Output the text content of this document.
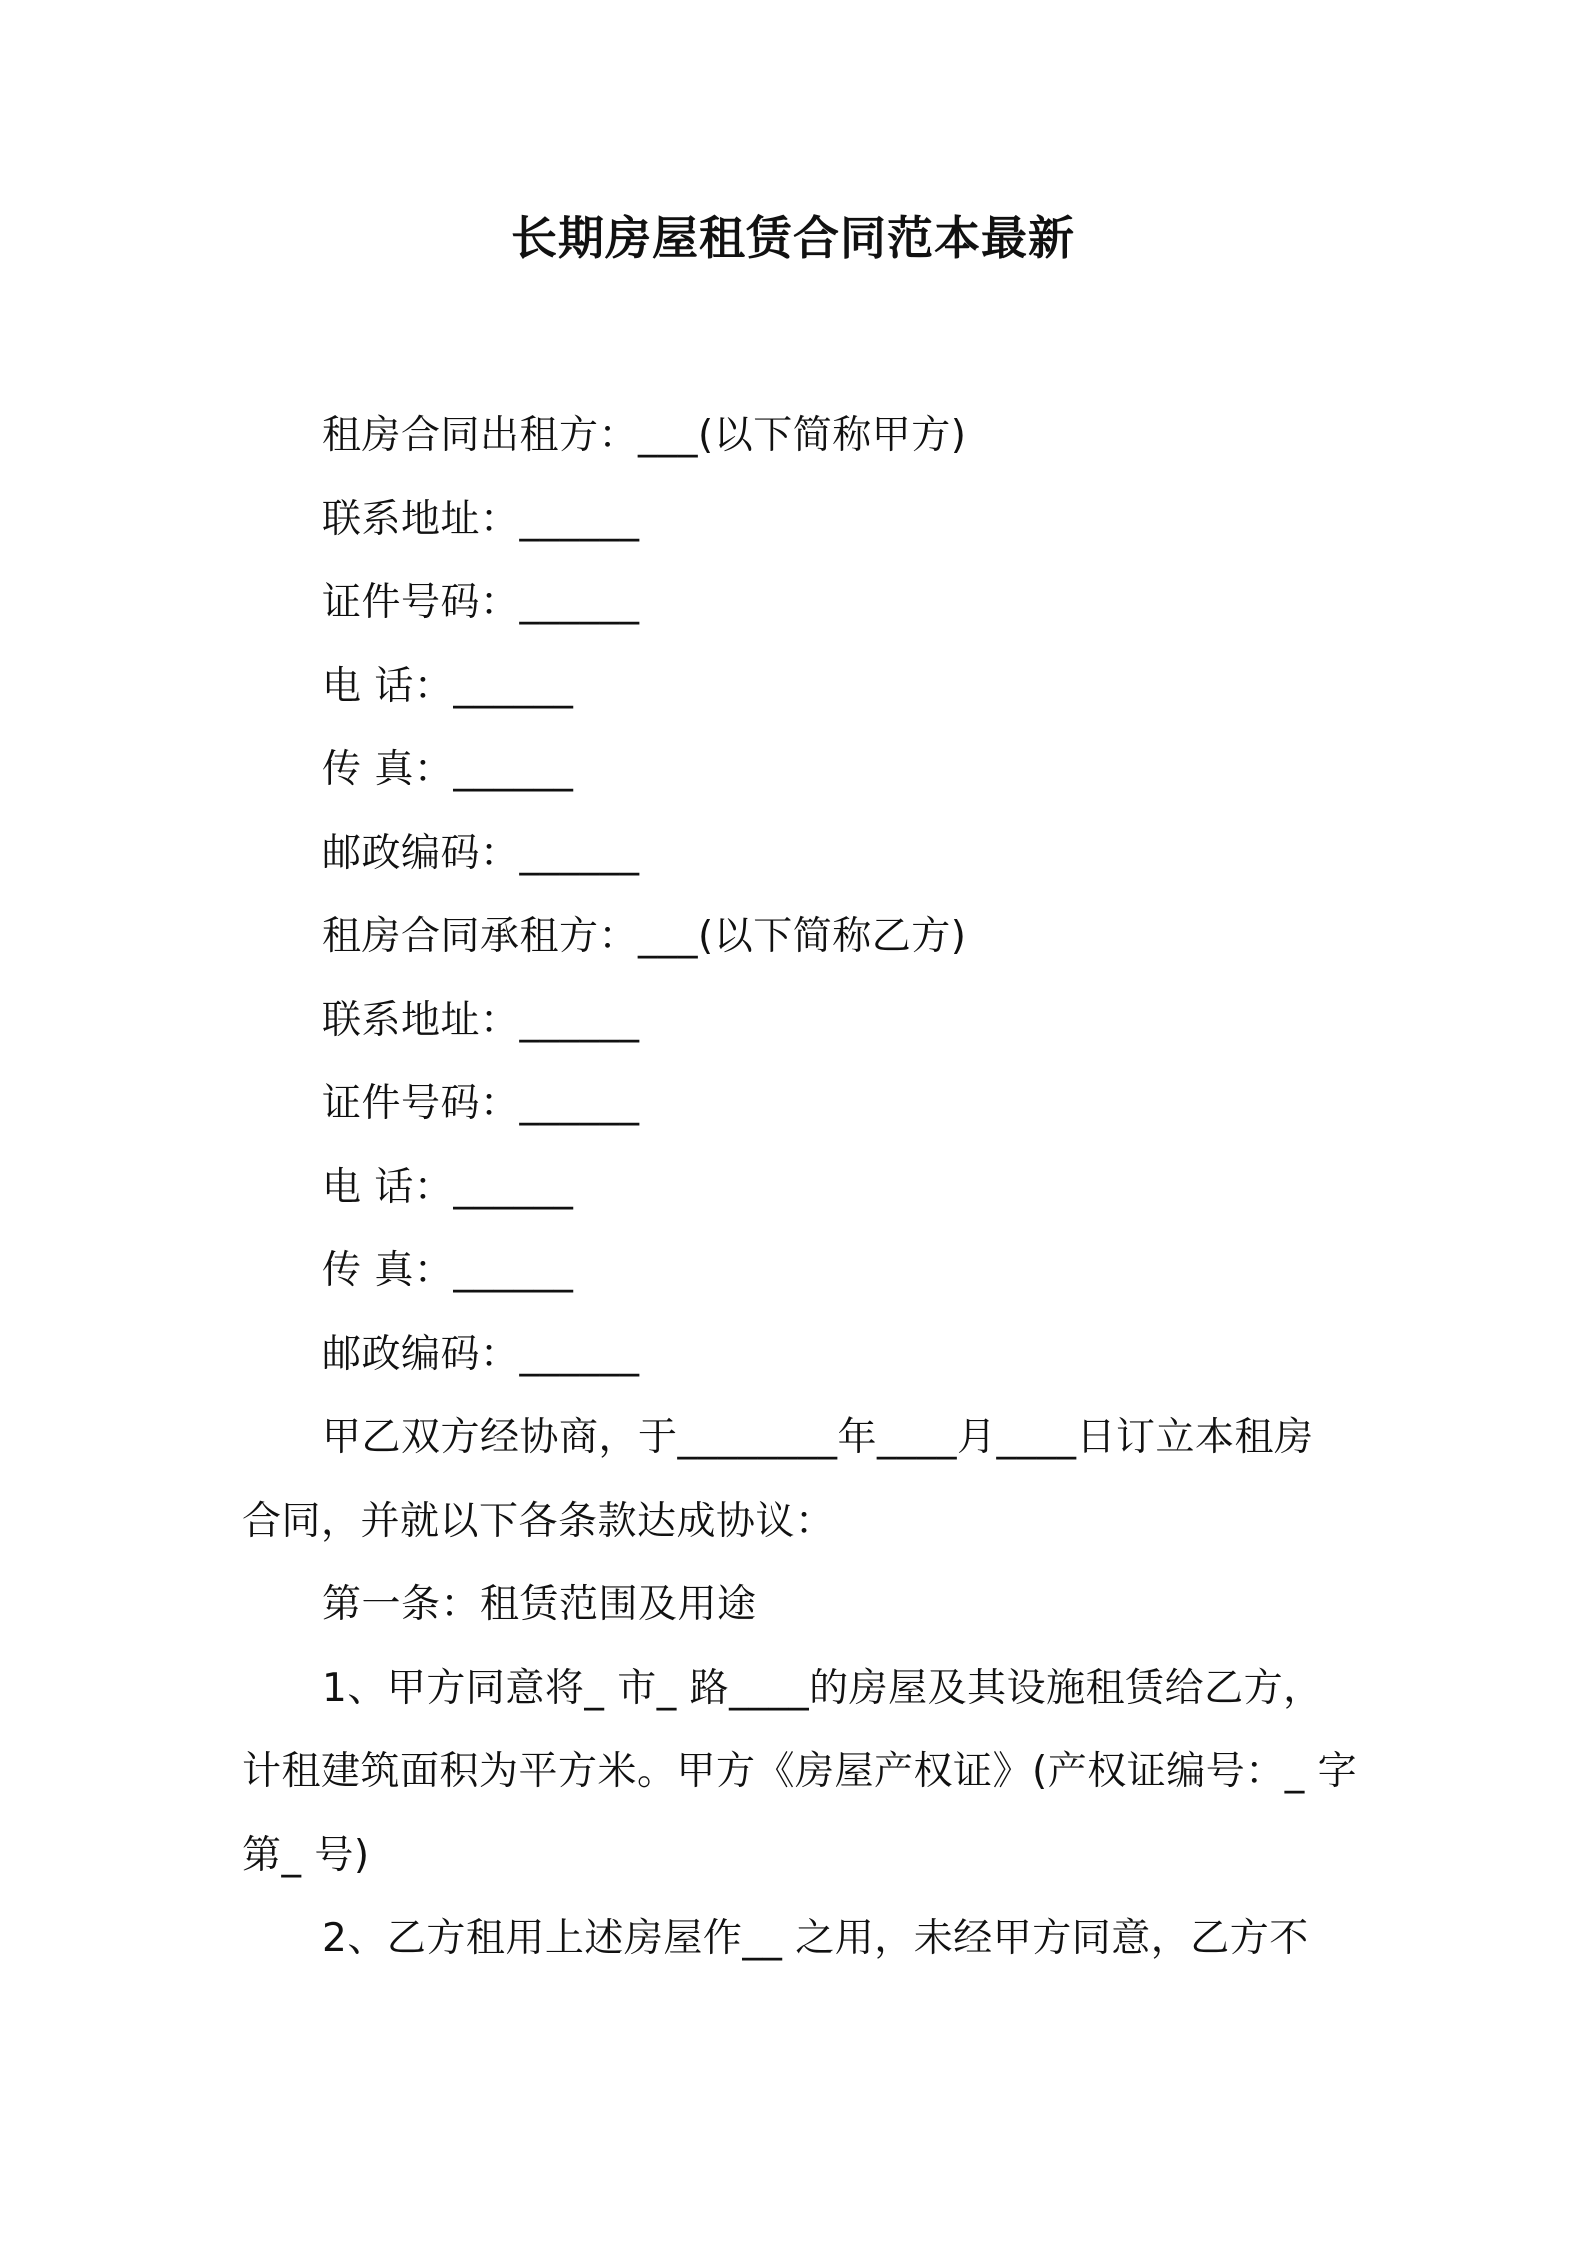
长期房屋租赁合同范本最新
租房合同出租方：___(以下简称甲方)
联系地址：______
证件号码：______
电 话：______
传 真：______
邮政编码：______
租房合同承租方：___(以下简称乙方)
联系地址：______
证件号码：______
电 话：______
传 真：______
邮政编码：______
甲乙双方经协商，于________年____月____日订立本租房
合同，并就以下各条款达成协议：
第一条：租赁范围及用途
1、甲方同意将_ 市_ 路____的房屋及其设施租赁给乙方，
计租建筑面积为平方米。甲方《房屋产权证》(产权证编号：_ 字
第_ 号)
2、乙方租用上述房屋作__ 之用，未经甲方同意，乙方不
